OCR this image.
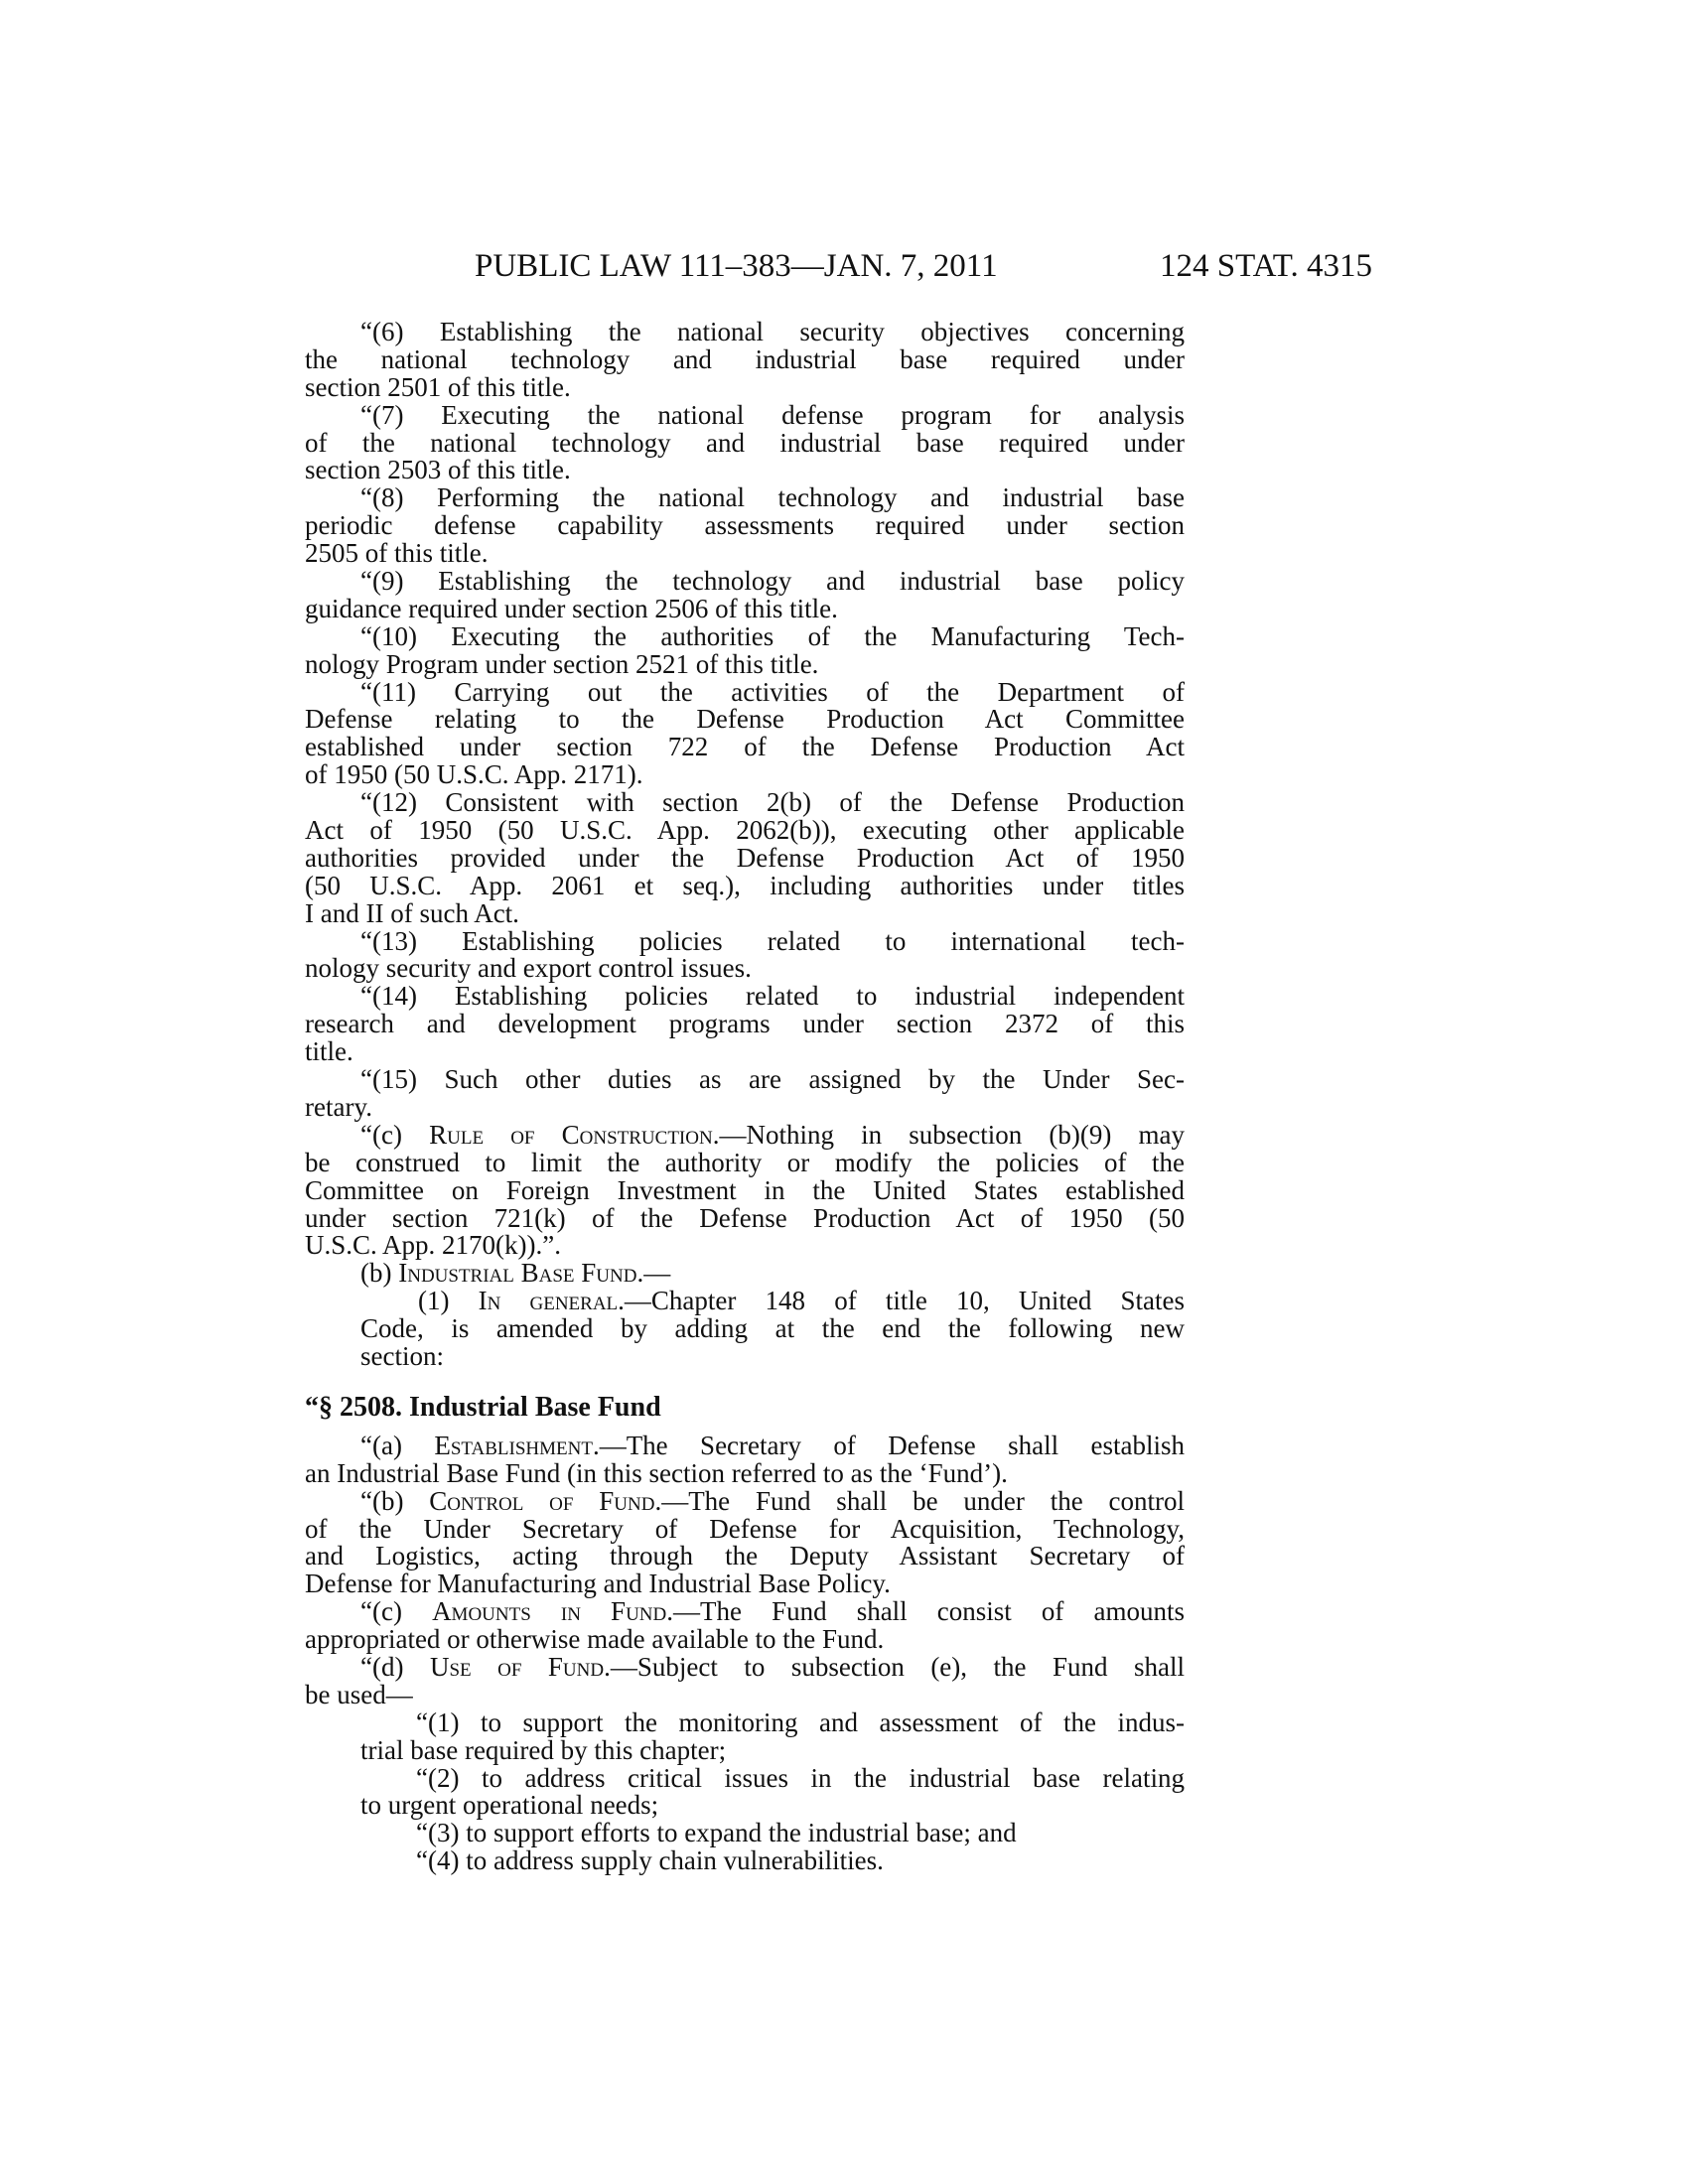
PUBLIC LAW 111–383—JAN. 7, 2011	124 STAT. 4315
“(6) Establishing the national security objectives concerning
the national technology and industrial base required under
section 2501 of this title.
“(7) Executing the national defense program for analysis
of the national technology and industrial base required under
section 2503 of this title.
“(8) Performing the national technology and industrial base
periodic defense capability assessments required under section
2505 of this title.
“(9) Establishing the technology and industrial base policy
guidance required under section 2506 of this title.
“(10) Executing the authorities of the Manufacturing Tech-
nology Program under section 2521 of this title.
“(11) Carrying out the activities of the Department of
Defense relating to the Defense Production Act Committee
established under section 722 of the Defense Production Act
of 1950 (50 U.S.C. App. 2171).
“(12) Consistent with section 2(b) of the Defense Production
Act of 1950 (50 U.S.C. App. 2062(b)), executing other applicable
authorities provided under the Defense Production Act of 1950
(50 U.S.C. App. 2061 et seq.), including authorities under titles
I and II of such Act.
“(13) Establishing policies related to international tech-
nology security and export control issues.
“(14) Establishing policies related to industrial independent
research and development programs under section 2372 of this
title.
“(15) Such other duties as are assigned by the Under Sec-
retary.
“(c) Rule of Construction.—Nothing in subsection (b)(9) may
be construed to limit the authority or modify the policies of the
Committee on Foreign Investment in the United States established
under section 721(k) of the Defense Production Act of 1950 (50
U.S.C. App. 2170(k)).”.
(b) Industrial Base Fund.—
(1) In general.—Chapter 148 of title 10, United States
Code, is amended by adding at the end the following new
section:
“§ 2508. Industrial Base Fund
“(a) Establishment.—The Secretary of Defense shall establish
an Industrial Base Fund (in this section referred to as the ‘Fund’).
“(b) Control of Fund.—The Fund shall be under the control
of the Under Secretary of Defense for Acquisition, Technology,
and Logistics, acting through the Deputy Assistant Secretary of
Defense for Manufacturing and Industrial Base Policy.
“(c) Amounts in Fund.—The Fund shall consist of amounts
appropriated or otherwise made available to the Fund.
“(d) Use of Fund.—Subject to subsection (e), the Fund shall
be used—
“(1) to support the monitoring and assessment of the indus-
trial base required by this chapter;
“(2) to address critical issues in the industrial base relating
to urgent operational needs;
“(3) to support efforts to expand the industrial base; and
“(4) to address supply chain vulnerabilities.
